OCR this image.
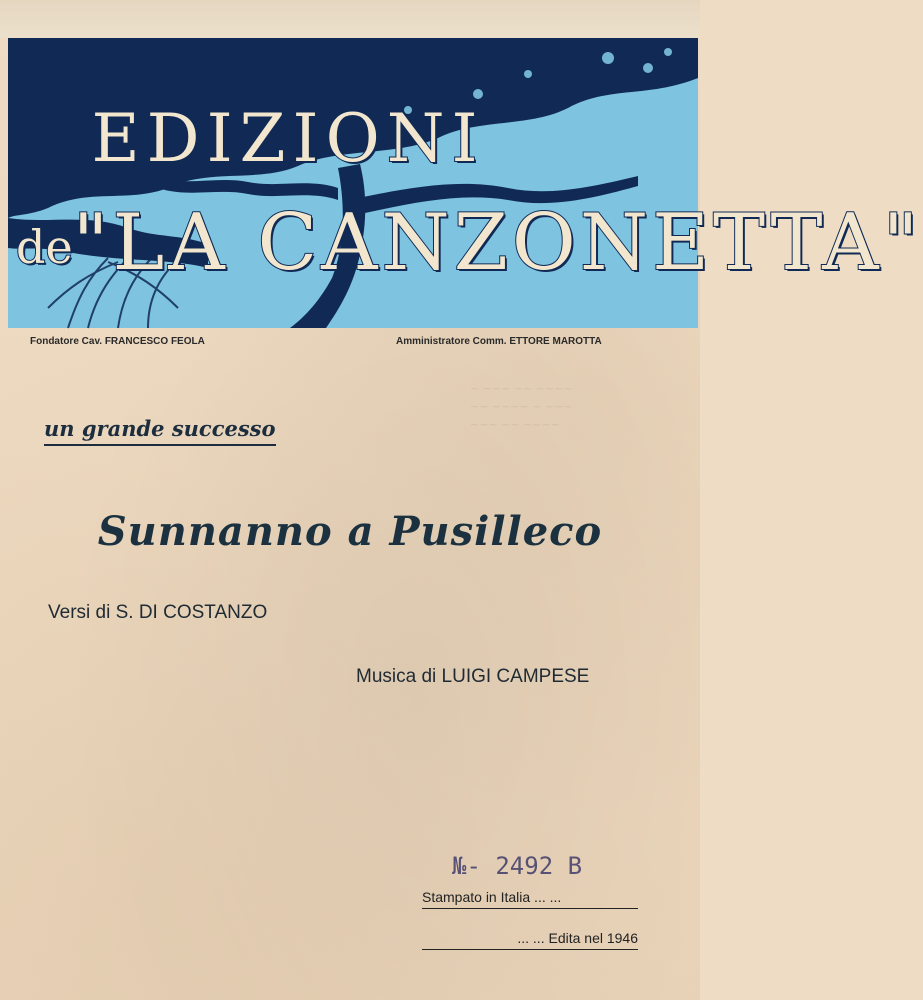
EDIZIONI
de"LA CANZONETTA"
Fondatore Cav. FRANCESCO FEOLA	Amministratore Comm. ETTORE MAROTTA
~ ~~~ ~~ ~~~~
~~ ~~~~ ~ ~~~
~~~ ~~ ~~~~
un grande successo
Sunnanno a Pusilleco
Versi di S. DI COSTANZO
Musica di LUIGI CAMPESE
№- 2492 B
Stampato in Italia ... ...
... ... Edita nel 1946
